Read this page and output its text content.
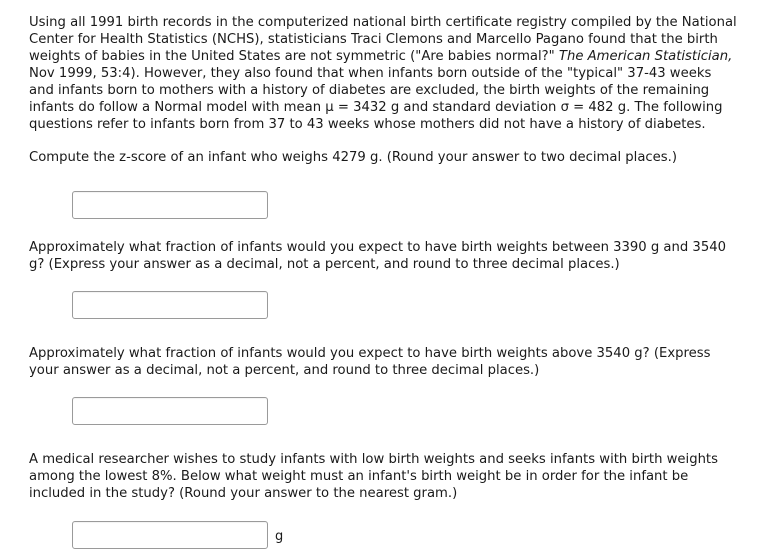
Using all 1991 birth records in the computerized national birth certificate registry compiled by the National Center for Health Statistics (NCHS), statisticians Traci Clemons and Marcello Pagano found that the birth weights of babies in the United States are not symmetric ("Are babies normal?" The American Statistician, Nov 1999, 53:4). However, they also found that when infants born outside of the "typical" 37-43 weeks and infants born to mothers with a history of diabetes are excluded, the birth weights of the remaining infants do follow a Normal model with mean μ = 3432 g and standard deviation σ = 482 g. The following questions refer to infants born from 37 to 43 weeks whose mothers did not have a history of diabetes.

Compute the z-score of an infant who weighs 4279 g. (Round your answer to two decimal places.)

Approximately what fraction of infants would you expect to have birth weights between 3390 g and 3540 g? (Express your answer as a decimal, not a percent, and round to three decimal places.)

Approximately what fraction of infants would you expect to have birth weights above 3540 g? (Express your answer as a decimal, not a percent, and round to three decimal places.)

A medical researcher wishes to study infants with low birth weights and seeks infants with birth weights among the lowest 8%. Below what weight must an infant's birth weight be in order for the infant be included in the study? (Round your answer to the nearest gram.)

g
